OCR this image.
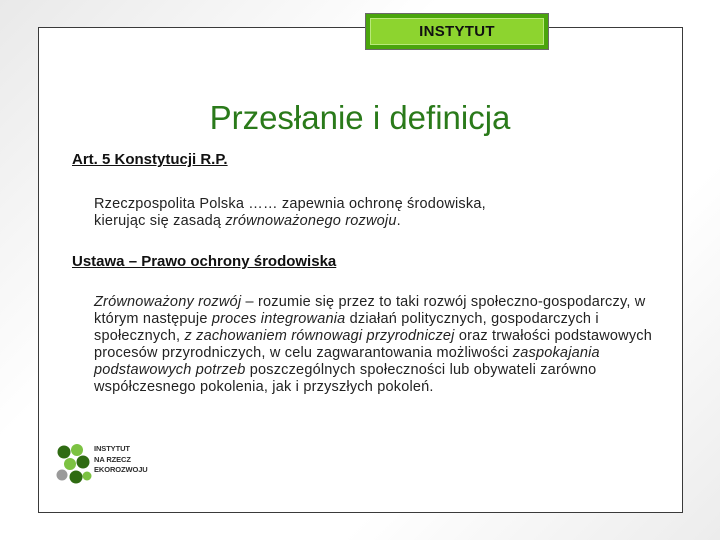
INSTYTUT
Przesłanie i definicja
Art. 5 Konstytucji R.P.
Rzeczpospolita Polska …… zapewnia ochronę środowiska,
kierując się zasadą zrównoważonego rozwoju.
Ustawa – Prawo ochrony środowiska
Zrównoważony rozwój – rozumie się przez to taki rozwój społeczno-gospodarczy, w którym następuje proces integrowania działań politycznych, gospodarczych i społecznych, z zachowaniem równowagi przyrodniczej oraz trwałości podstawowych procesów przyrodniczych, w celu zagwarantowania możliwości zaspokajania podstawowych potrzeb poszczególnych społeczności lub obywateli zarówno współczesnego pokolenia, jak i przyszłych pokoleń.
INSTYTUT
NA RZECZ
EKOROZWOJU
